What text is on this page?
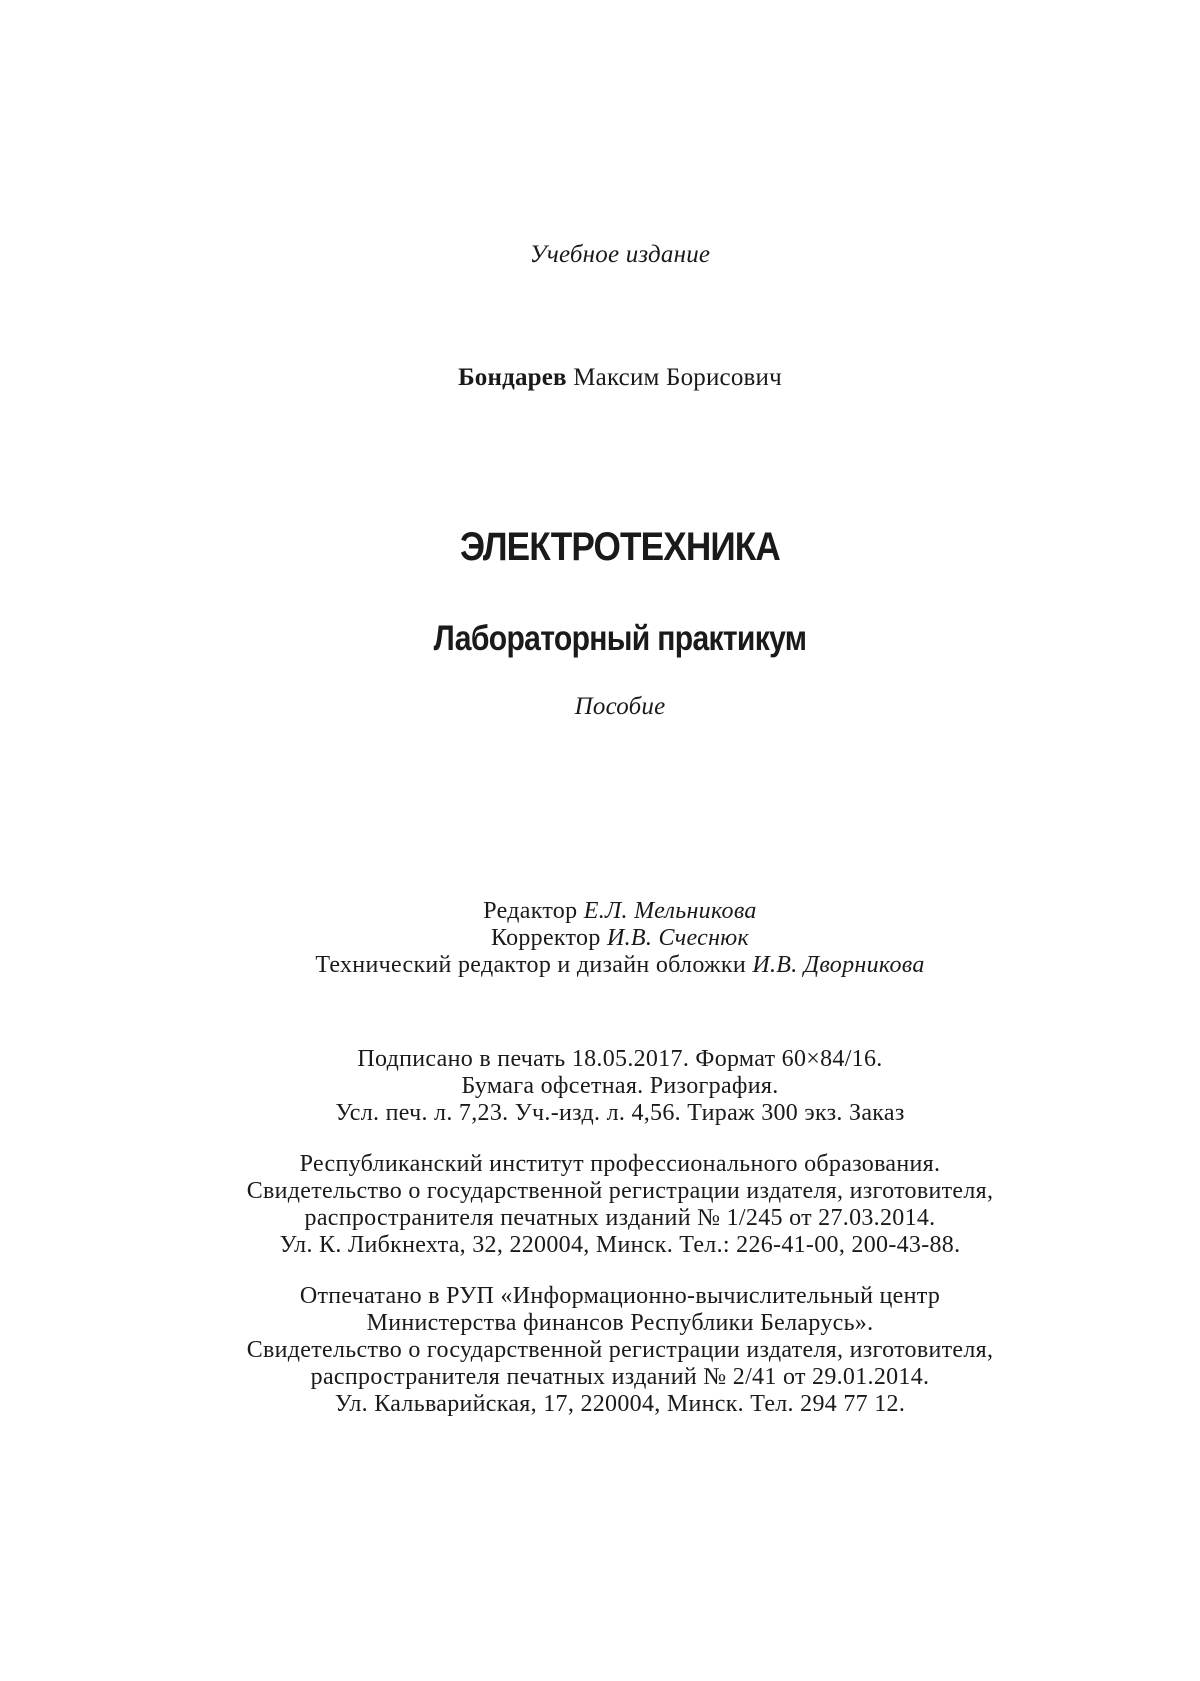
Учебное издание
Бондарев Максим Борисович
ЭЛЕКТРОТЕХНИКА
Лабораторный практикум
Пособие
Редактор Е.Л. Мельникова
Корректор И.В. Счеснюк
Технический редактор и дизайн обложки И.В. Дворникова
Подписано в печать 18.05.2017. Формат 60×84/16.
Бумага офсетная. Ризография.
Усл. печ. л. 7,23. Уч.-изд. л. 4,56. Тираж 300 экз. Заказ
Республиканский институт профессионального образования.
Свидетельство о государственной регистрации издателя, изготовителя,
распространителя печатных изданий № 1/245 от 27.03.2014.
Ул. К. Либкнехта, 32, 220004, Минск. Тел.: 226-41-00, 200-43-88.
Отпечатано в РУП «Информационно-вычислительный центр
Министерства финансов Республики Беларусь».
Свидетельство о государственной регистрации издателя, изготовителя,
распространителя печатных изданий № 2/41 от 29.01.2014.
Ул. Кальварийская, 17, 220004, Минск. Тел. 294 77 12.
